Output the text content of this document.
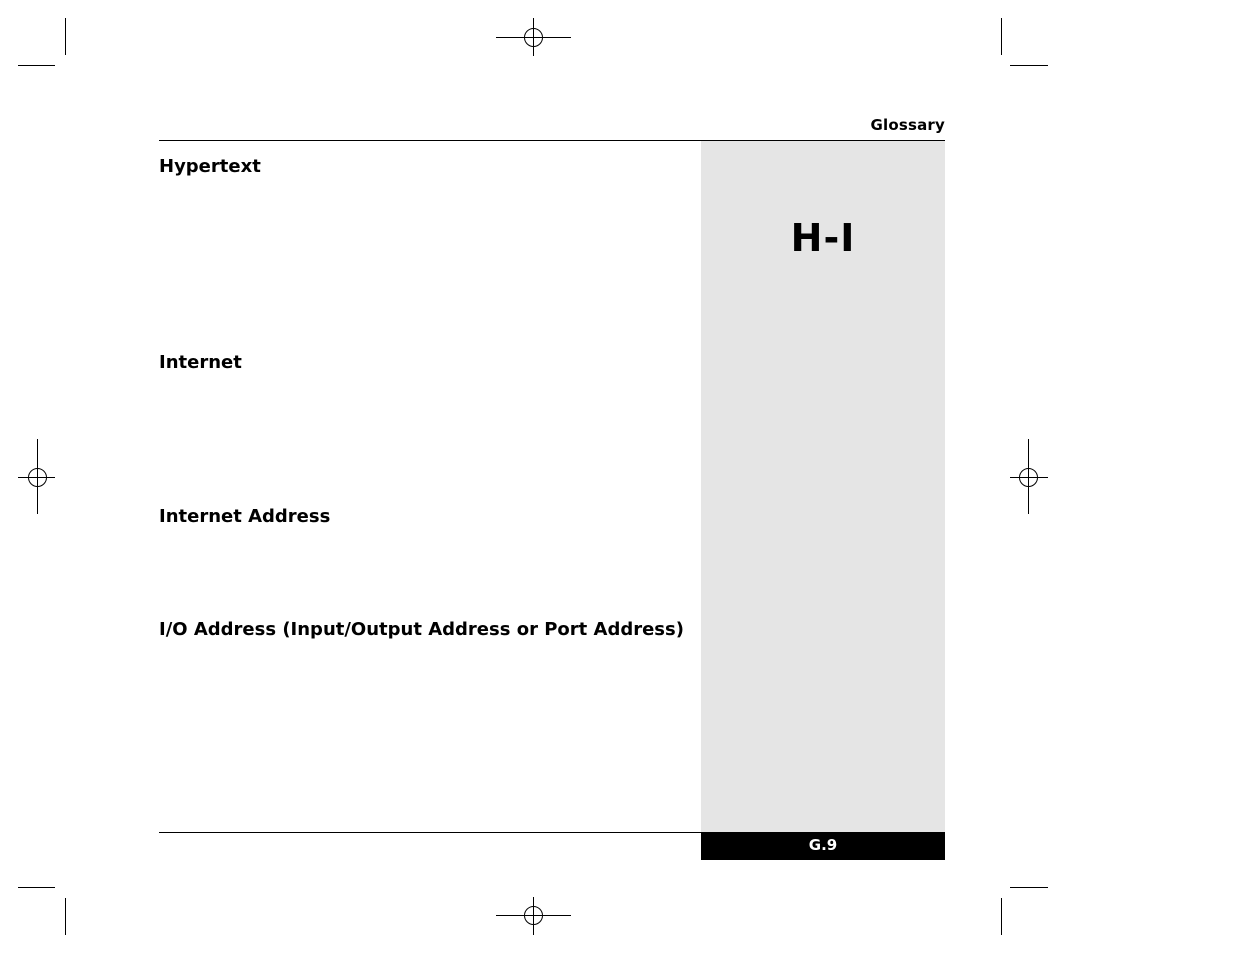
Glossary
H-I
Hypertext
Internet
Internet Address
I/O Address (Input/Output Address or Port Address)
G.9
